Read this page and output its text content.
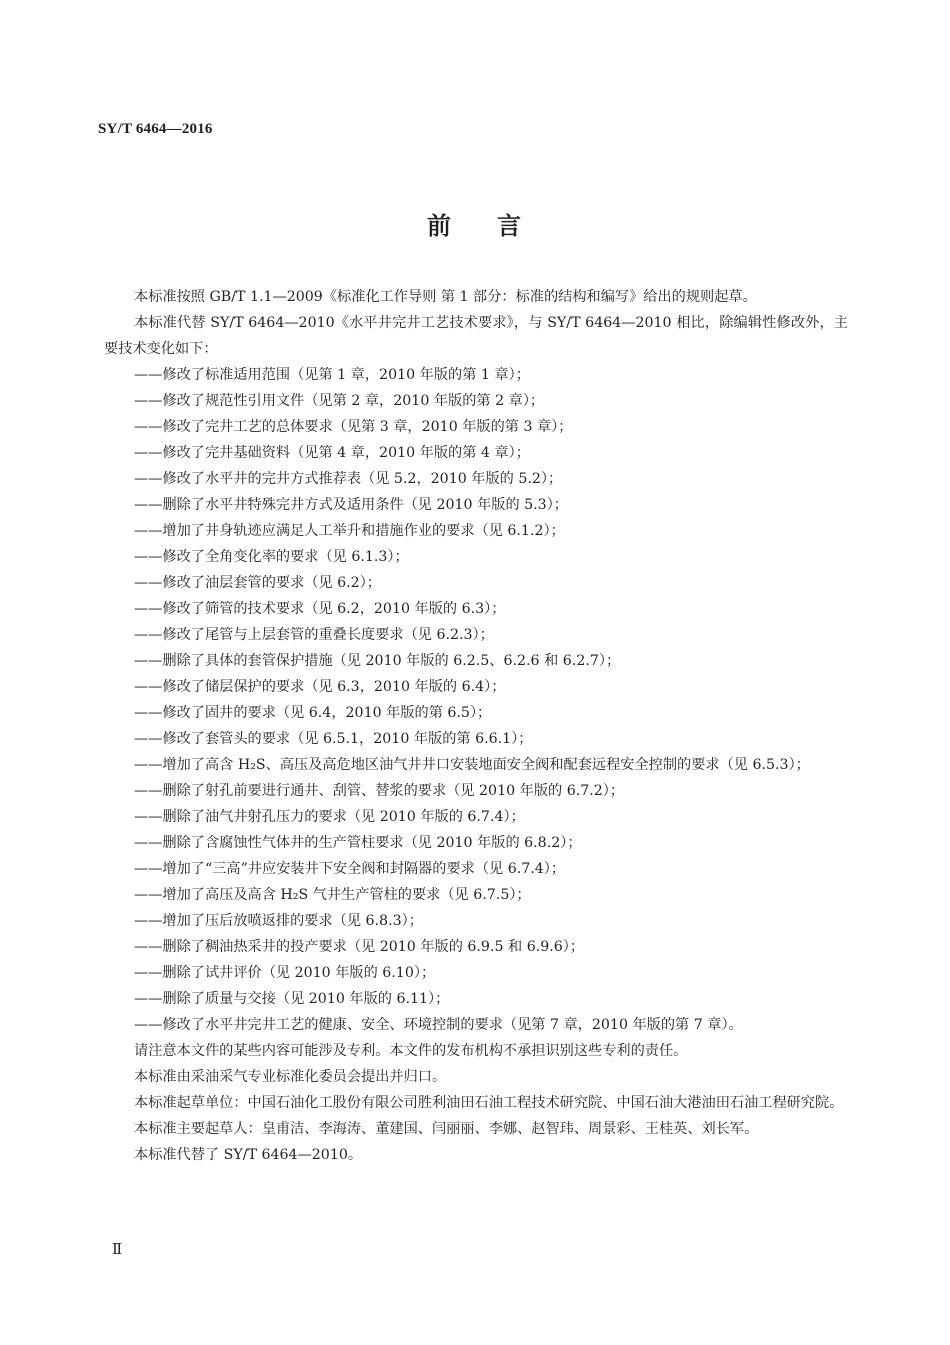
SY/T 6464—2016
前 言

本标准按照 GB/T 1.1—2009《标准化工作导则 第 1 部分：标准的结构和编写》给出的规则起草。

本标准代替 SY/T 6464—2010《水平井完井工艺技术要求》，与 SY/T 6464—2010 相比，除编辑性修改外，主要技术变化如下：

——修改了标准适用范围（见第 1 章，2010 年版的第 1 章）；

——修改了规范性引用文件（见第 2 章，2010 年版的第 2 章）；

——修改了完井工艺的总体要求（见第 3 章，2010 年版的第 3 章）；

——修改了完井基础资料（见第 4 章，2010 年版的第 4 章）；

——修改了水平井的完井方式推荐表（见 5.2，2010 年版的 5.2）；

——删除了水平井特殊完井方式及适用条件（见 2010 年版的 5.3）；

——增加了井身轨迹应满足人工举升和措施作业的要求（见 6.1.2）；

——修改了全角变化率的要求（见 6.1.3）；

——修改了油层套管的要求（见 6.2）；

——修改了筛管的技术要求（见 6.2，2010 年版的 6.3）；

——修改了尾管与上层套管的重叠长度要求（见 6.2.3）；

——删除了具体的套管保护措施（见 2010 年版的 6.2.5、6.2.6 和 6.2.7）；

——修改了储层保护的要求（见 6.3，2010 年版的 6.4）；

——修改了固井的要求（见 6.4，2010 年版的第 6.5）；

——修改了套管头的要求（见 6.5.1，2010 年版的第 6.6.1）；

——增加了高含 H₂S、高压及高危地区油气井井口安装地面安全阀和配套远程安全控制的要求（见 6.5.3）；

——删除了射孔前要进行通井、刮管、替浆的要求（见 2010 年版的 6.7.2）；

——删除了油气井射孔压力的要求（见 2010 年版的 6.7.4）；

——删除了含腐蚀性气体井的生产管柱要求（见 2010 年版的 6.8.2）；

——增加了“三高”井应安装井下安全阀和封隔器的要求（见 6.7.4）；

——增加了高压及高含 H₂S 气井生产管柱的要求（见 6.7.5）；

——增加了压后放喷返排的要求（见 6.8.3）；

——删除了稠油热采井的投产要求（见 2010 年版的 6.9.5 和 6.9.6）；

——删除了试井评价（见 2010 年版的 6.10）；

——删除了质量与交接（见 2010 年版的 6.11）；

——修改了水平井完井工艺的健康、安全、环境控制的要求（见第 7 章，2010 年版的第 7 章）。

请注意本文件的某些内容可能涉及专利。本文件的发布机构不承担识别这些专利的责任。

本标准由采油采气专业标准化委员会提出并归口。

本标准起草单位：中国石油化工股份有限公司胜利油田石油工程技术研究院、中国石油大港油田石油工程研究院。

本标准主要起草人：皇甫洁、李海涛、董建国、闫丽丽、李娜、赵智玮、周景彩、王桂英、刘长军。

本标准代替了 SY/T 6464—2010。

Ⅱ
